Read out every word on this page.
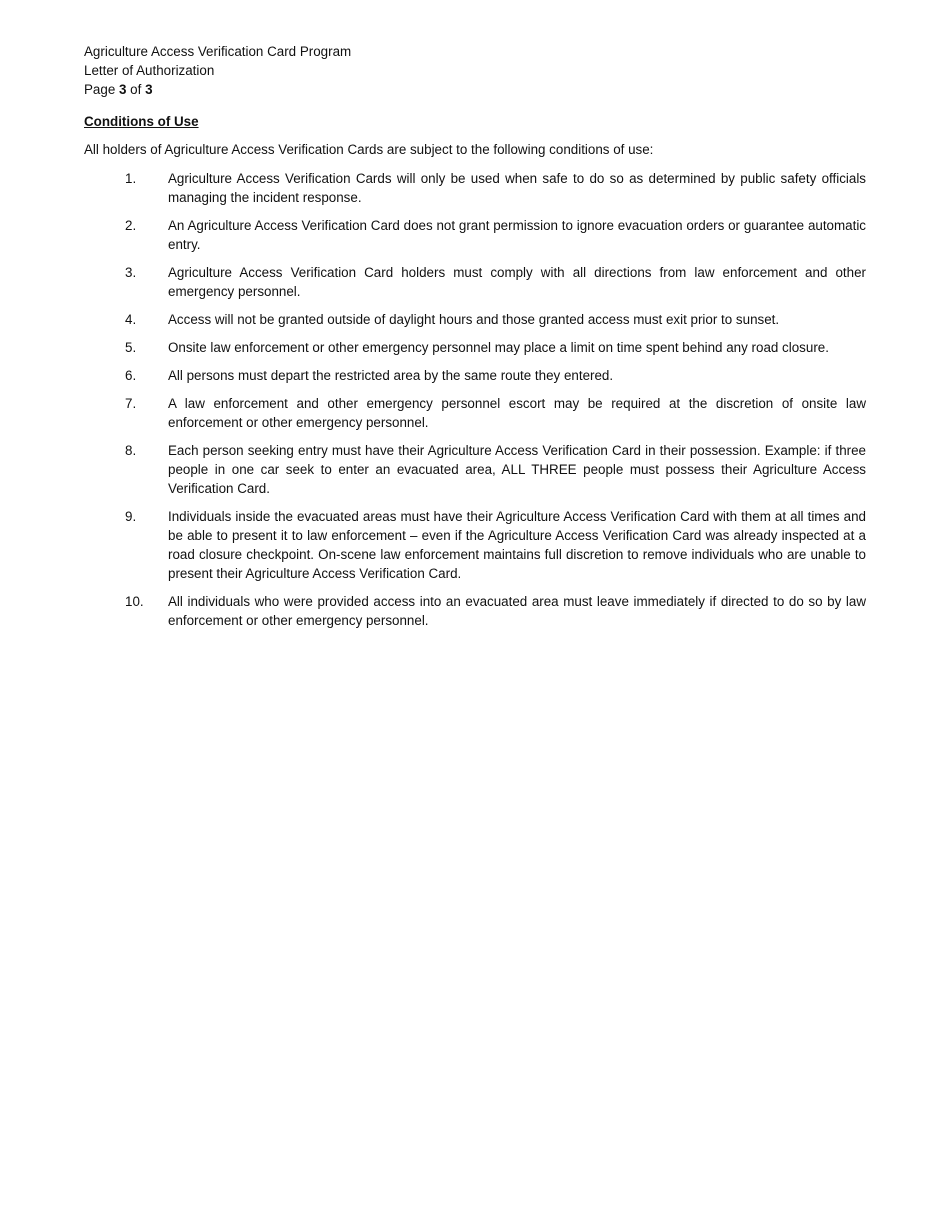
Agriculture Access Verification Card Program
Letter of Authorization
Page 3 of 3
Conditions of Use
All holders of Agriculture Access Verification Cards are subject to the following conditions of use:
1. Agriculture Access Verification Cards will only be used when safe to do so as determined by public safety officials managing the incident response.
2. An Agriculture Access Verification Card does not grant permission to ignore evacuation orders or guarantee automatic entry.
3. Agriculture Access Verification Card holders must comply with all directions from law enforcement and other emergency personnel.
4. Access will not be granted outside of daylight hours and those granted access must exit prior to sunset.
5. Onsite law enforcement or other emergency personnel may place a limit on time spent behind any road closure.
6. All persons must depart the restricted area by the same route they entered.
7. A law enforcement and other emergency personnel escort may be required at the discretion of onsite law enforcement or other emergency personnel.
8. Each person seeking entry must have their Agriculture Access Verification Card in their possession. Example: if three people in one car seek to enter an evacuated area, ALL THREE people must possess their Agriculture Access Verification Card.
9. Individuals inside the evacuated areas must have their Agriculture Access Verification Card with them at all times and be able to present it to law enforcement – even if the Agriculture Access Verification Card was already inspected at a road closure checkpoint. On-scene law enforcement maintains full discretion to remove individuals who are unable to present their Agriculture Access Verification Card.
10. All individuals who were provided access into an evacuated area must leave immediately if directed to do so by law enforcement or other emergency personnel.
